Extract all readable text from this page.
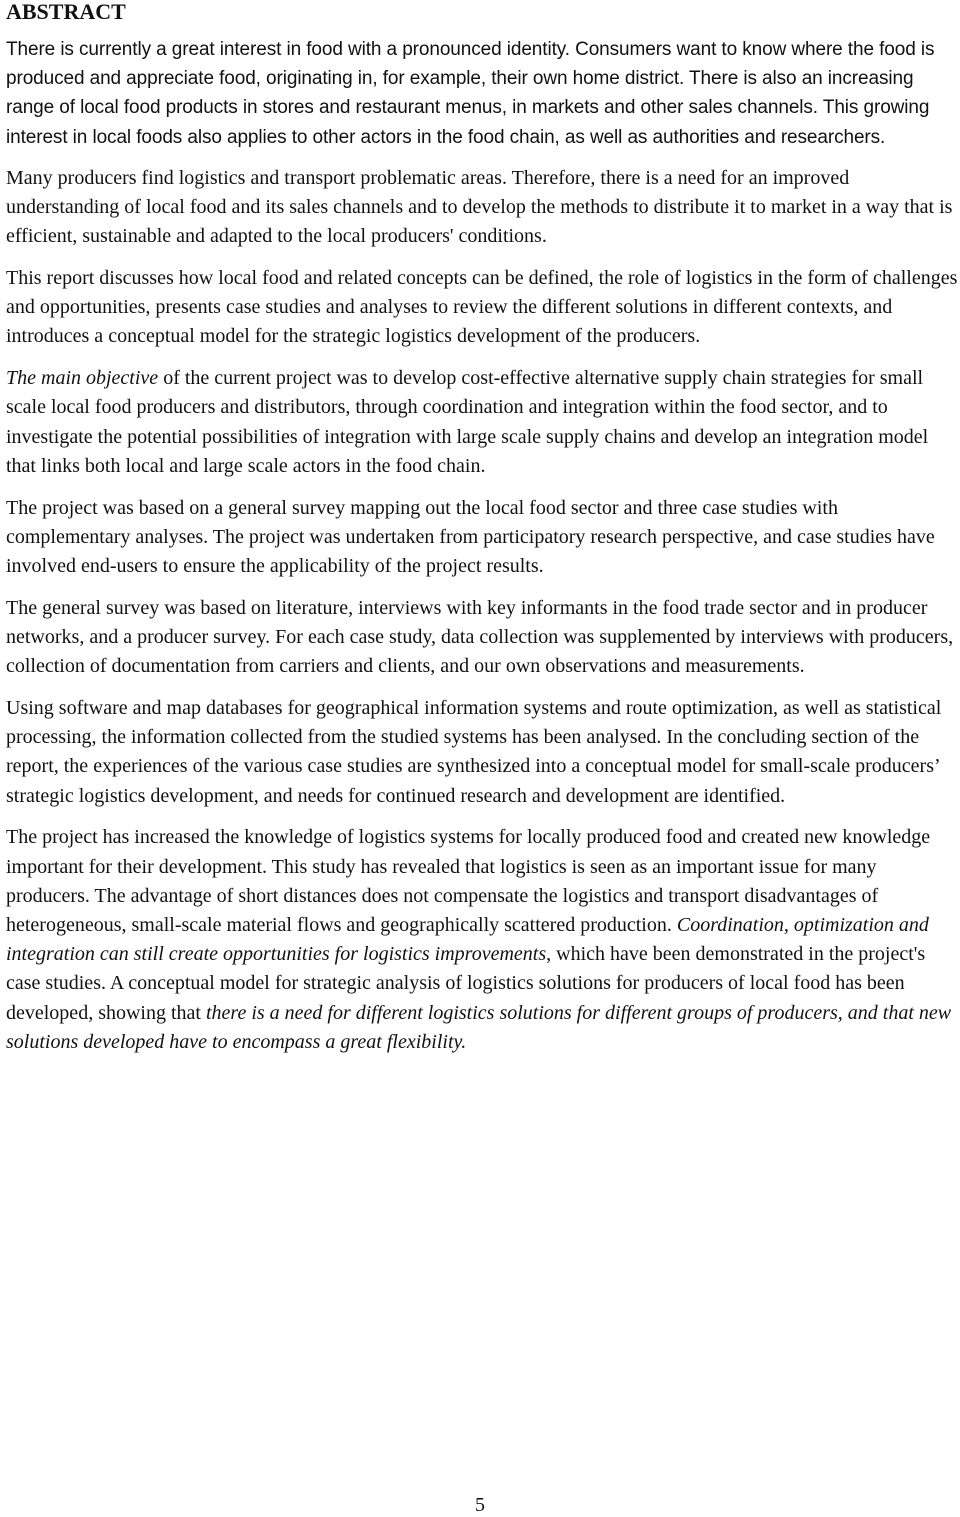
ABSTRACT

There is currently a great interest in food with a pronounced identity. Consumers want to know where the food is produced and appreciate food, originating in, for example, their own home district. There is also an increasing range of local food products in stores and restaurant menus, in markets and other sales channels. This growing interest in local foods also applies to other actors in the food chain, as well as authorities and researchers.

Many producers find logistics and transport problematic areas. Therefore, there is a need for an improved understanding of local food and its sales channels and to develop the methods to distribute it to market in a way that is efficient, sustainable and adapted to the local producers' conditions.

This report discusses how local food and related concepts can be defined, the role of logistics in the form of challenges and opportunities, presents case studies and analyses to review the different solutions in different contexts, and introduces a conceptual model for the strategic logistics development of the producers.

The main objective of the current project was to develop cost-effective alternative supply chain strategies for small scale local food producers and distributors, through coordination and integration within the food sector, and to investigate the potential possibilities of integration with large scale supply chains and develop an integration model that links both local and large scale actors in the food chain.

The project was based on a general survey mapping out the local food sector and three case studies with complementary analyses. The project was undertaken from participatory research perspective, and case studies have involved end-users to ensure the applicability of the project results.

The general survey was based on literature, interviews with key informants in the food trade sector and in producer networks, and a producer survey. For each case study, data collection was supplemented by interviews with producers, collection of documentation from carriers and clients, and our own observations and measurements.

Using software and map databases for geographical information systems and route optimization, as well as statistical processing, the information collected from the studied systems has been analysed. In the concluding section of the report, the experiences of the various case studies are synthesized into a conceptual model for small-scale producers’ strategic logistics development, and needs for continued research and development are identified.

The project has increased the knowledge of logistics systems for locally produced food and created new knowledge important for their development. This study has revealed that logistics is seen as an important issue for many producers. The advantage of short distances does not compensate the logistics and transport disadvantages of heterogeneous, small-scale material flows and geographically scattered production. Coordination, optimization and integration can still create opportunities for logistics improvements, which have been demonstrated in the project's case studies. A conceptual model for strategic analysis of logistics solutions for producers of local food has been developed, showing that there is a need for different logistics solutions for different groups of producers, and that new solutions developed have to encompass a great flexibility.

5
